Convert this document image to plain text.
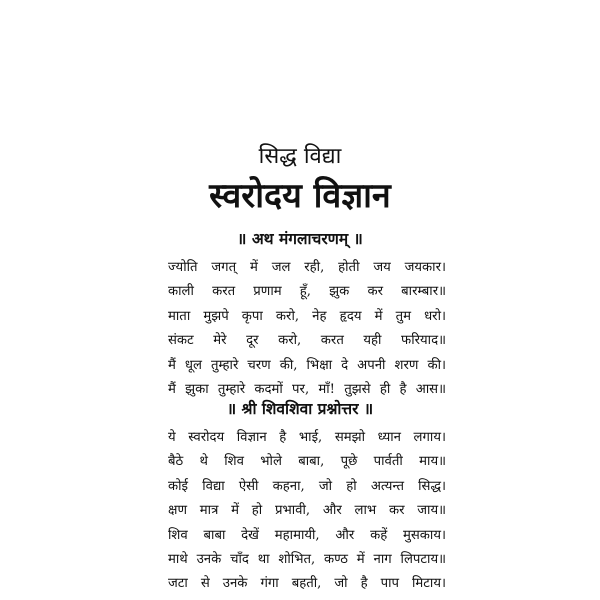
सिद्ध विद्या
स्वरोदय विज्ञान
॥ अथ मंगलाचरणम् ॥
ज्योति जगत् में जल रही, होती जय जयकार।
काली करत प्रणाम हूँ, झुक कर बारम्बार॥
माता मुझपे कृपा करो, नेह हृदय में तुम धरो।
संकट मेरे दूर करो, करत यही फरियाद॥
मैं धूल तुम्हारे चरण की, भिक्षा दे अपनी शरण की।
मैं झुका तुम्हारे कदमों पर, माँ! तुझसे ही है आस॥
॥ श्री शिवशिवा प्रश्नोत्तर ॥
ये स्वरोदय विज्ञान है भाई, समझो ध्यान लगाय।
बैठे थे शिव भोले बाबा, पूछे पार्वती माय॥
कोई विद्या ऐसी कहना, जो हो अत्यन्त सिद्ध।
क्षण मात्र में हो प्रभावी, और लाभ कर जाय॥
शिव बाबा देखें महामायी, और कहें मुसकाय।
माथे उनके चाँद था शोभित, कण्ठ में नाग लिपटाय॥
जटा से उनके गंगा बहती, जो है पाप मिटाय।
